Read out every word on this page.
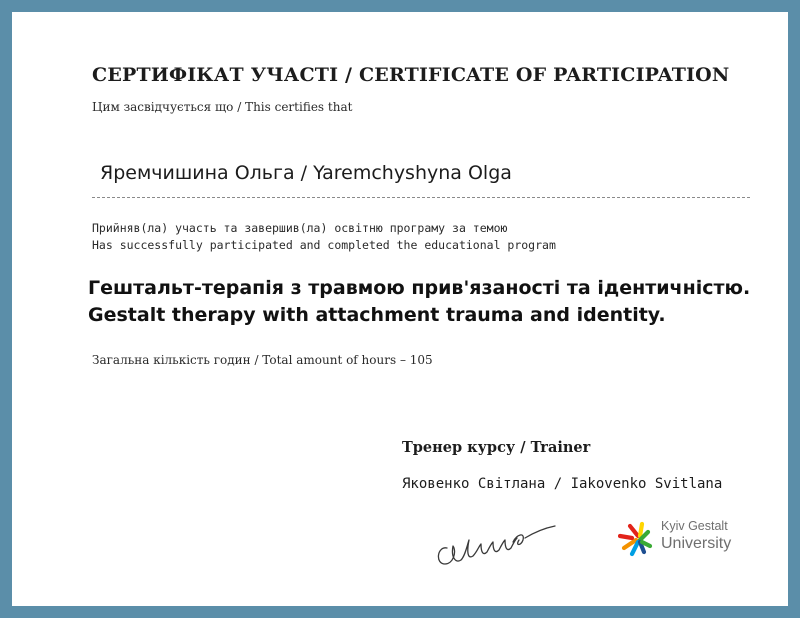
СЕРТИФІКАТ УЧАСТІ / CERTIFICATE OF PARTICIPATION
Цим засвідчується що / This certifies that
Яремчишина Ольга / Yaremchyshyna Olga
Прийняв(ла) участь та завершив(ла) освітню програму за темою
Has successfully participated and completed the educational program
Гештальт-терапія з травмою прив'язаності та ідентичністю.
Gestalt therapy with attachment trauma and identity.
Загальна кількість годин / Total amount of hours – 105
Тренер курсу / Trainer
Яковенко Світлана / Iakovenko Svitlana
Kyiv Gestalt
University
